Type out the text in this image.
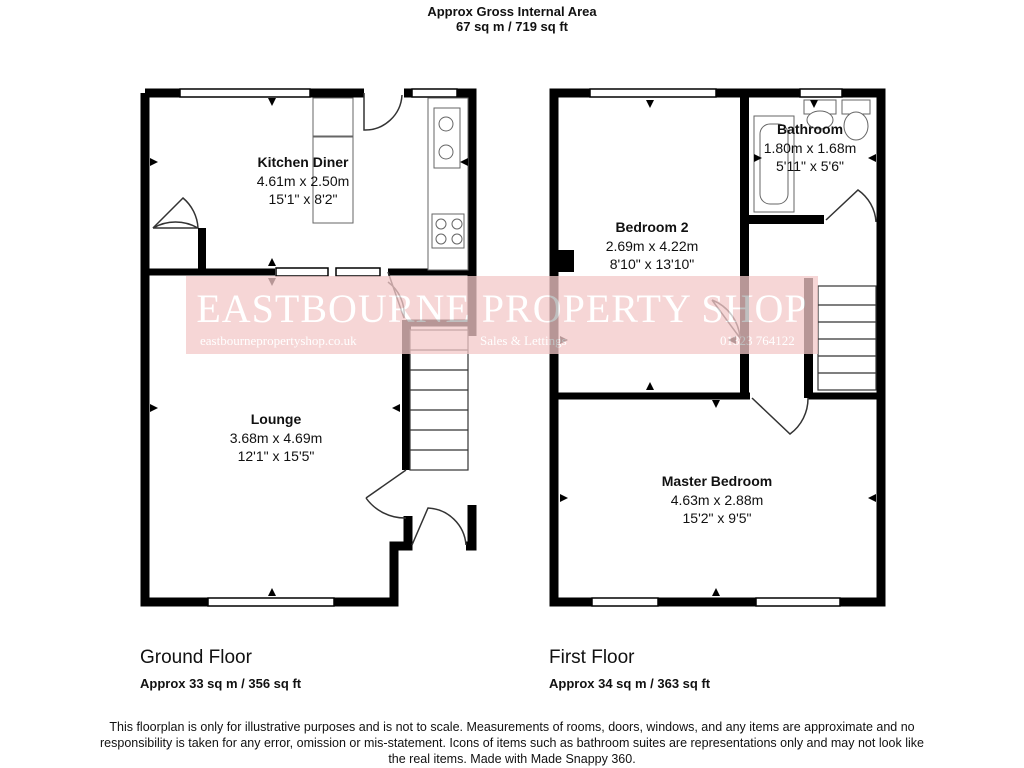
Approx Gross Internal Area
67 sq m / 719 sq ft
EASTBOURNE PROPERTY SHOP
eastbournepropertyshop.co.uk	Sales & Lettings	01323 764122
Kitchen Diner
4.61m x 2.50m
15'1" x 8'2"
Lounge
3.68m x 4.69m
12'1" x 15'5"
Bathroom
1.80m x 1.68m
5'11" x 5'6"
Bedroom 2
2.69m x 4.22m
8'10" x 13'10"
Master Bedroom
4.63m x 2.88m
15'2" x 9'5"
Ground Floor
Approx 33 sq m / 356 sq ft
First Floor
Approx 34 sq m / 363 sq ft
This floorplan is only for illustrative purposes and is not to scale. Measurements of rooms, doors, windows, and any items are approximate and no responsibility is taken for any error, omission or mis-statement. Icons of items such as bathroom suites are representations only and may not look like the real items. Made with Made Snappy 360.
